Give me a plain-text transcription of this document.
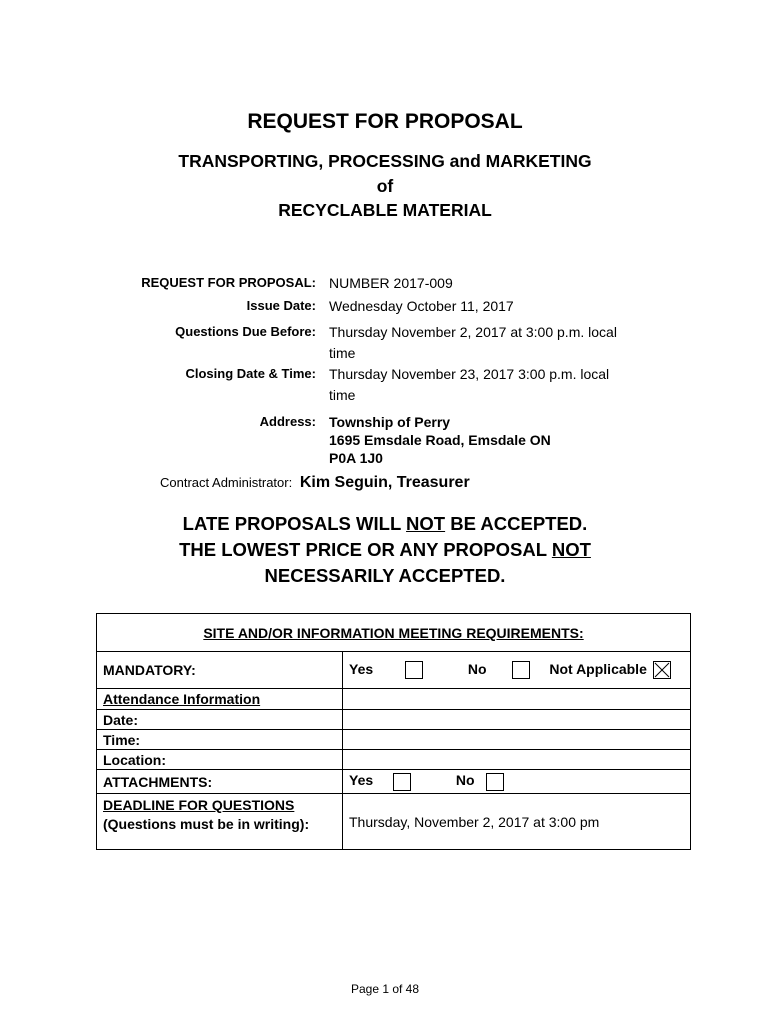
REQUEST FOR PROPOSAL
TRANSPORTING, PROCESSING and MARKETING
of
RECYCLABLE MATERIAL
REQUEST FOR PROPOSAL: NUMBER 2017-009
Issue Date: Wednesday October 11, 2017
Questions Due Before: Thursday November 2, 2017 at 3:00 p.m. local
time
Closing Date & Time: Thursday November 23, 2017 3:00 p.m. local
time
Address: Township of Perry
1695 Emsdale Road, Emsdale ON
P0A 1J0
Contract Administrator: Kim Seguin, Treasurer
LATE PROPOSALS WILL NOT BE ACCEPTED.
THE LOWEST PRICE OR ANY PROPOSAL NOT
NECESSARILY ACCEPTED.
SITE AND/OR INFORMATION MEETING REQUIREMENTS:	
MANDATORY:	Yes No Not Applicable

Attendance Information	
Date:	
Time:	
Location:	
ATTACHMENTS:	Yes No

DEADLINE FOR QUESTIONS
(Questions must be in writing):	Thursday, November 2, 2017 at 3:00 pm
Page 1 of 48
